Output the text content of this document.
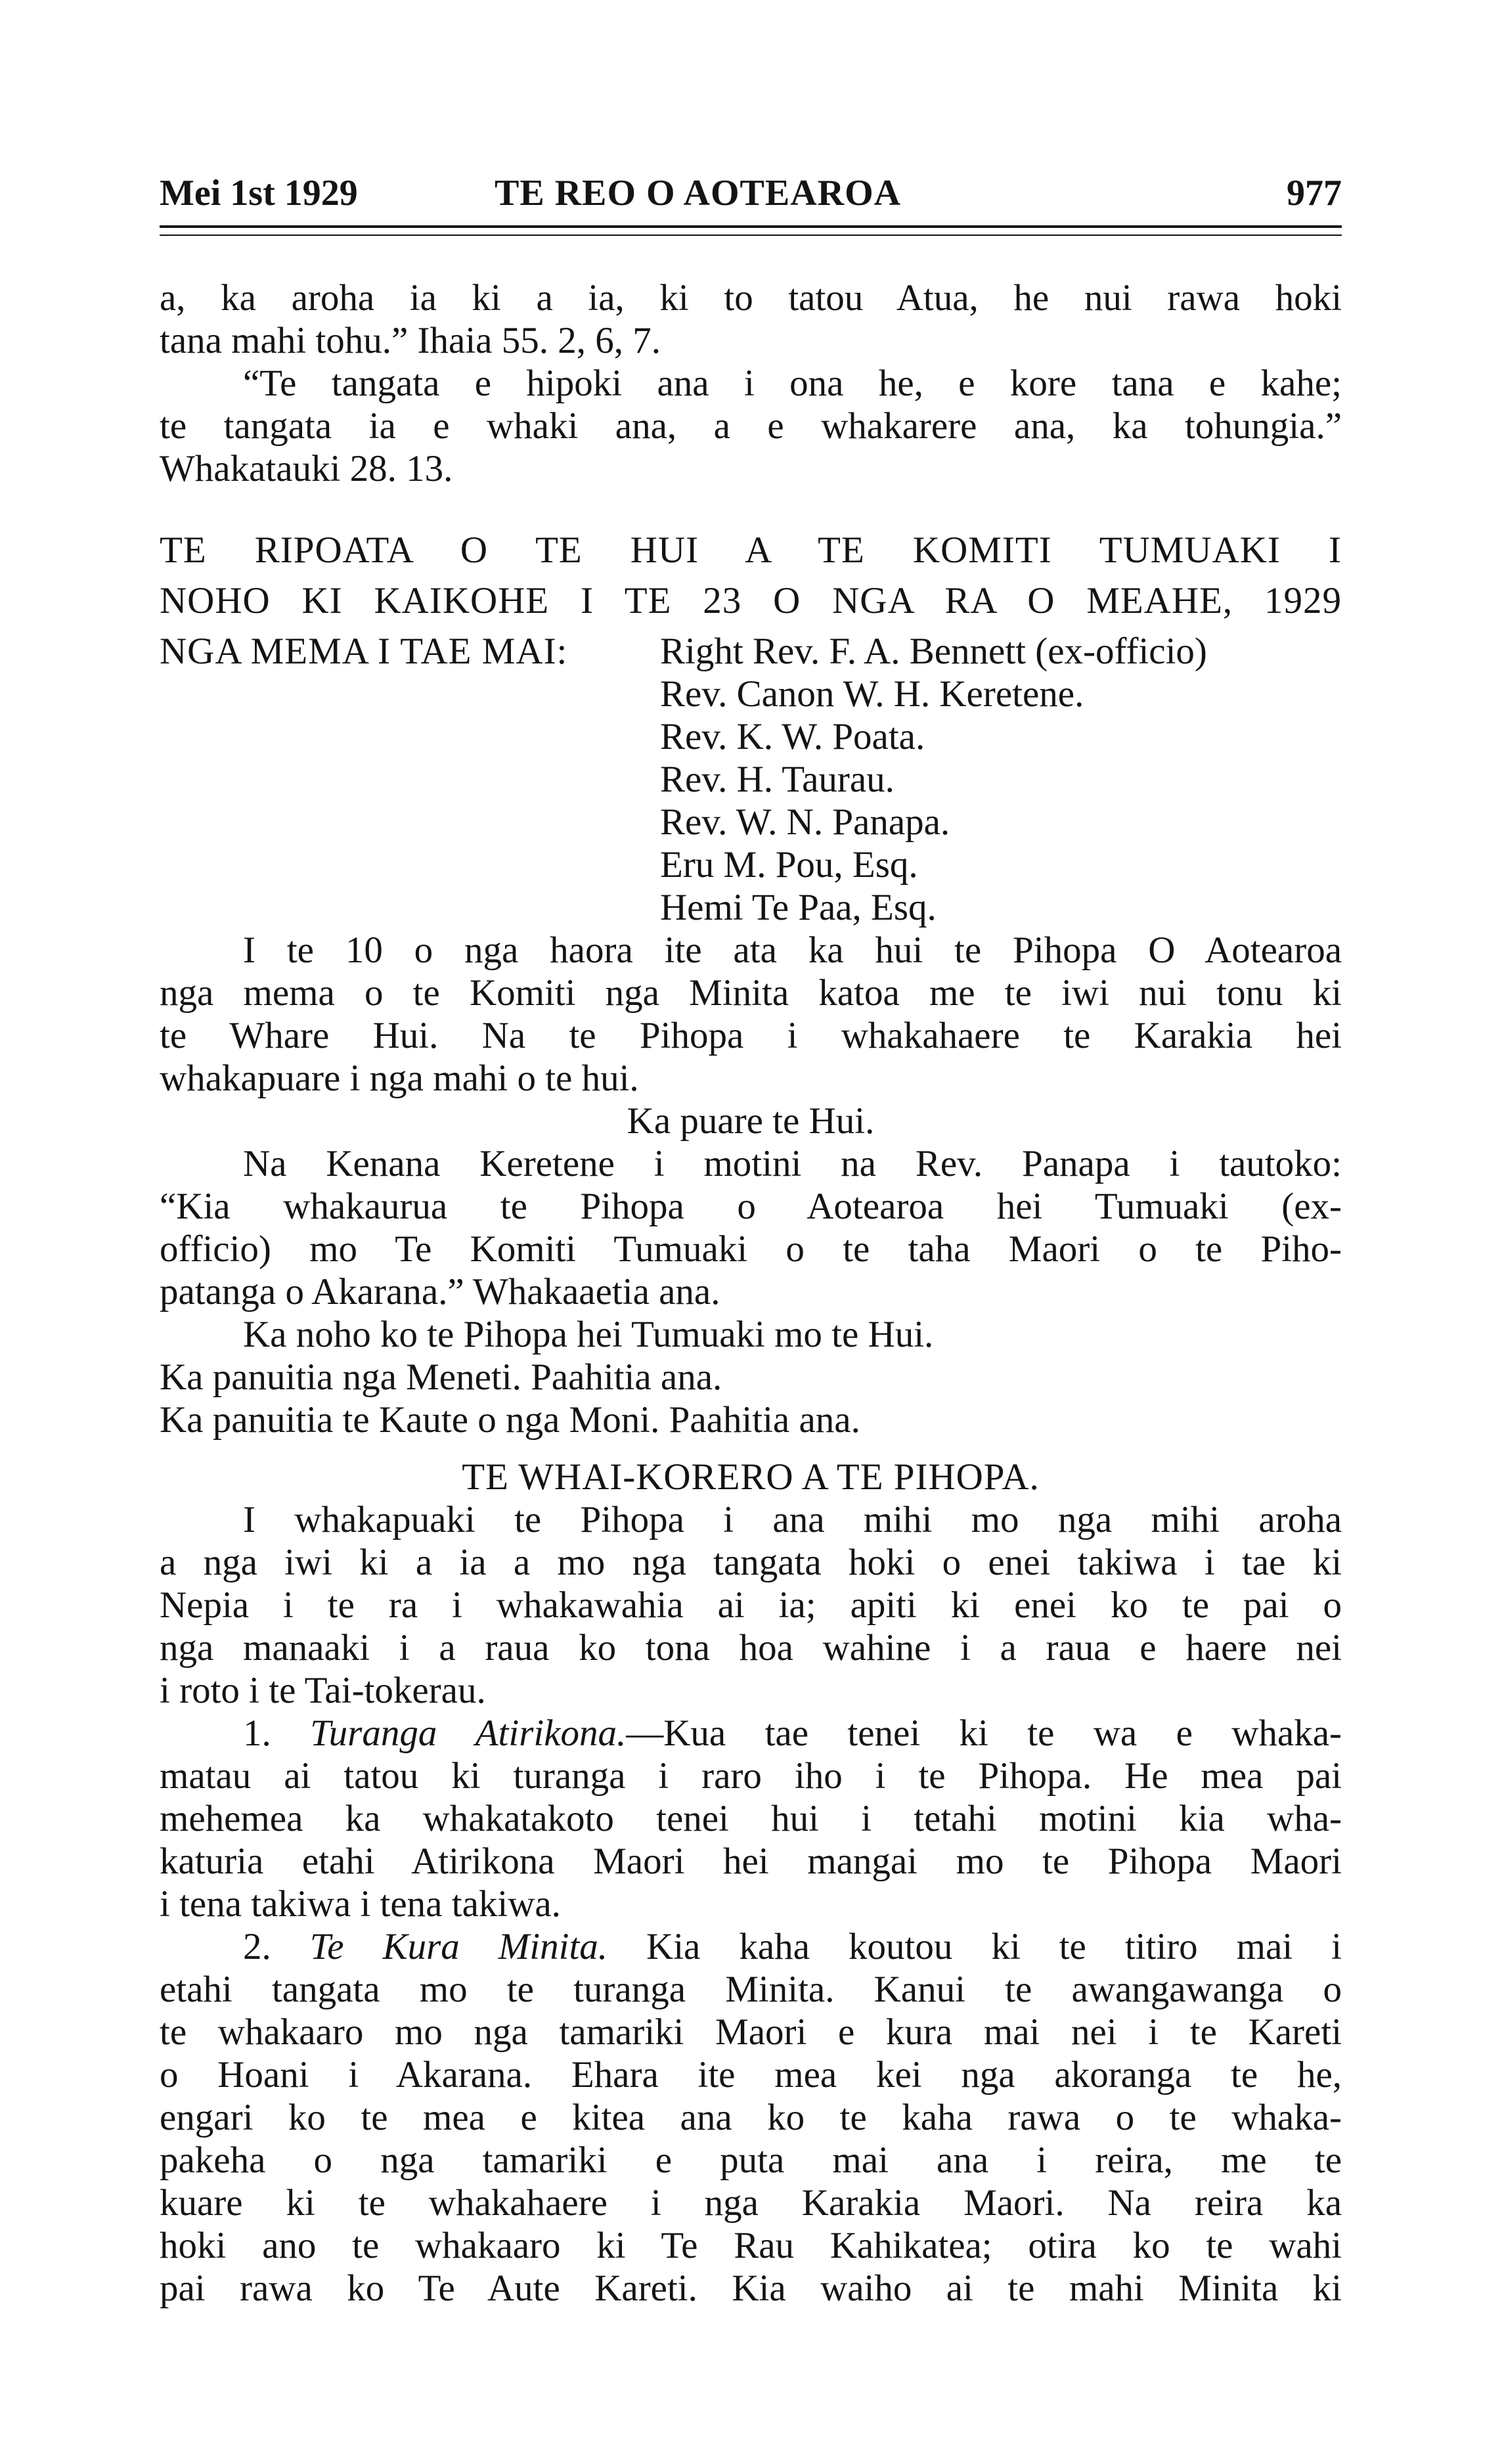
Mei 1st 1929	TE REO O AOTEAROA	977
a, ka aroha ia ki a ia, ki to tatou Atua, he nui rawa hoki
tana mahi tohu.” Ihaia 55. 2, 6, 7.
“Te tangata e hipoki ana i ona he, e kore tana e kahe;
te tangata ia e whaki ana, a e whakarere ana, ka tohungia.”
Whakatauki 28. 13.
TE RIPOATA O TE HUI A TE KOMITI TUMUAKI I
NOHO KI KAIKOHE I TE 23 O NGA RA O MEAHE, 1929
NGA MEMA I TAE MAI: Right Rev. F. A. Bennett (ex-officio)
Rev. Canon W. H. Keretene.
Rev. K. W. Poata.
Rev. H. Taurau.
Rev. W. N. Panapa.
Eru M. Pou, Esq.
Hemi Te Paa, Esq.
I te 10 o nga haora ite ata ka hui te Pihopa O Aotearoa
nga mema o te Komiti nga Minita katoa me te iwi nui tonu ki
te Whare Hui. Na te Pihopa i whakahaere te Karakia hei
whakapuare i nga mahi o te hui.
Ka puare te Hui.
Na Kenana Keretene i motini na Rev. Panapa i tautoko:
“Kia whakaurua te Pihopa o Aotearoa hei Tumuaki (ex-
officio) mo Te Komiti Tumuaki o te taha Maori o te Piho-
patanga o Akarana.” Whakaaetia ana.
Ka noho ko te Pihopa hei Tumuaki mo te Hui.
Ka panuitia nga Meneti. Paahitia ana.
Ka panuitia te Kaute o nga Moni. Paahitia ana.
TE WHAI-KORERO A TE PIHOPA.
I whakapuaki te Pihopa i ana mihi mo nga mihi aroha
a nga iwi ki a ia a mo nga tangata hoki o enei takiwa i tae ki
Nepia i te ra i whakawahia ai ia; apiti ki enei ko te pai o
nga manaaki i a raua ko tona hoa wahine i a raua e haere nei
i roto i te Tai-tokerau.
1. Turanga Atirikona.—Kua tae tenei ki te wa e whaka-
matau ai tatou ki turanga i raro iho i te Pihopa. He mea pai
mehemea ka whakatakoto tenei hui i tetahi motini kia wha-
katuria etahi Atirikona Maori hei mangai mo te Pihopa Maori
i tena takiwa i tena takiwa.
2. Te Kura Minita. Kia kaha koutou ki te titiro mai i
etahi tangata mo te turanga Minita. Kanui te awangawanga o
te whakaaro mo nga tamariki Maori e kura mai nei i te Kareti
o Hoani i Akarana. Ehara ite mea kei nga akoranga te he,
engari ko te mea e kitea ana ko te kaha rawa o te whaka-
pakeha o nga tamariki e puta mai ana i reira, me te
kuare ki te whakahaere i nga Karakia Maori. Na reira ka
hoki ano te whakaaro ki Te Rau Kahikatea; otira ko te wahi
pai rawa ko Te Aute Kareti. Kia waiho ai te mahi Minita ki
